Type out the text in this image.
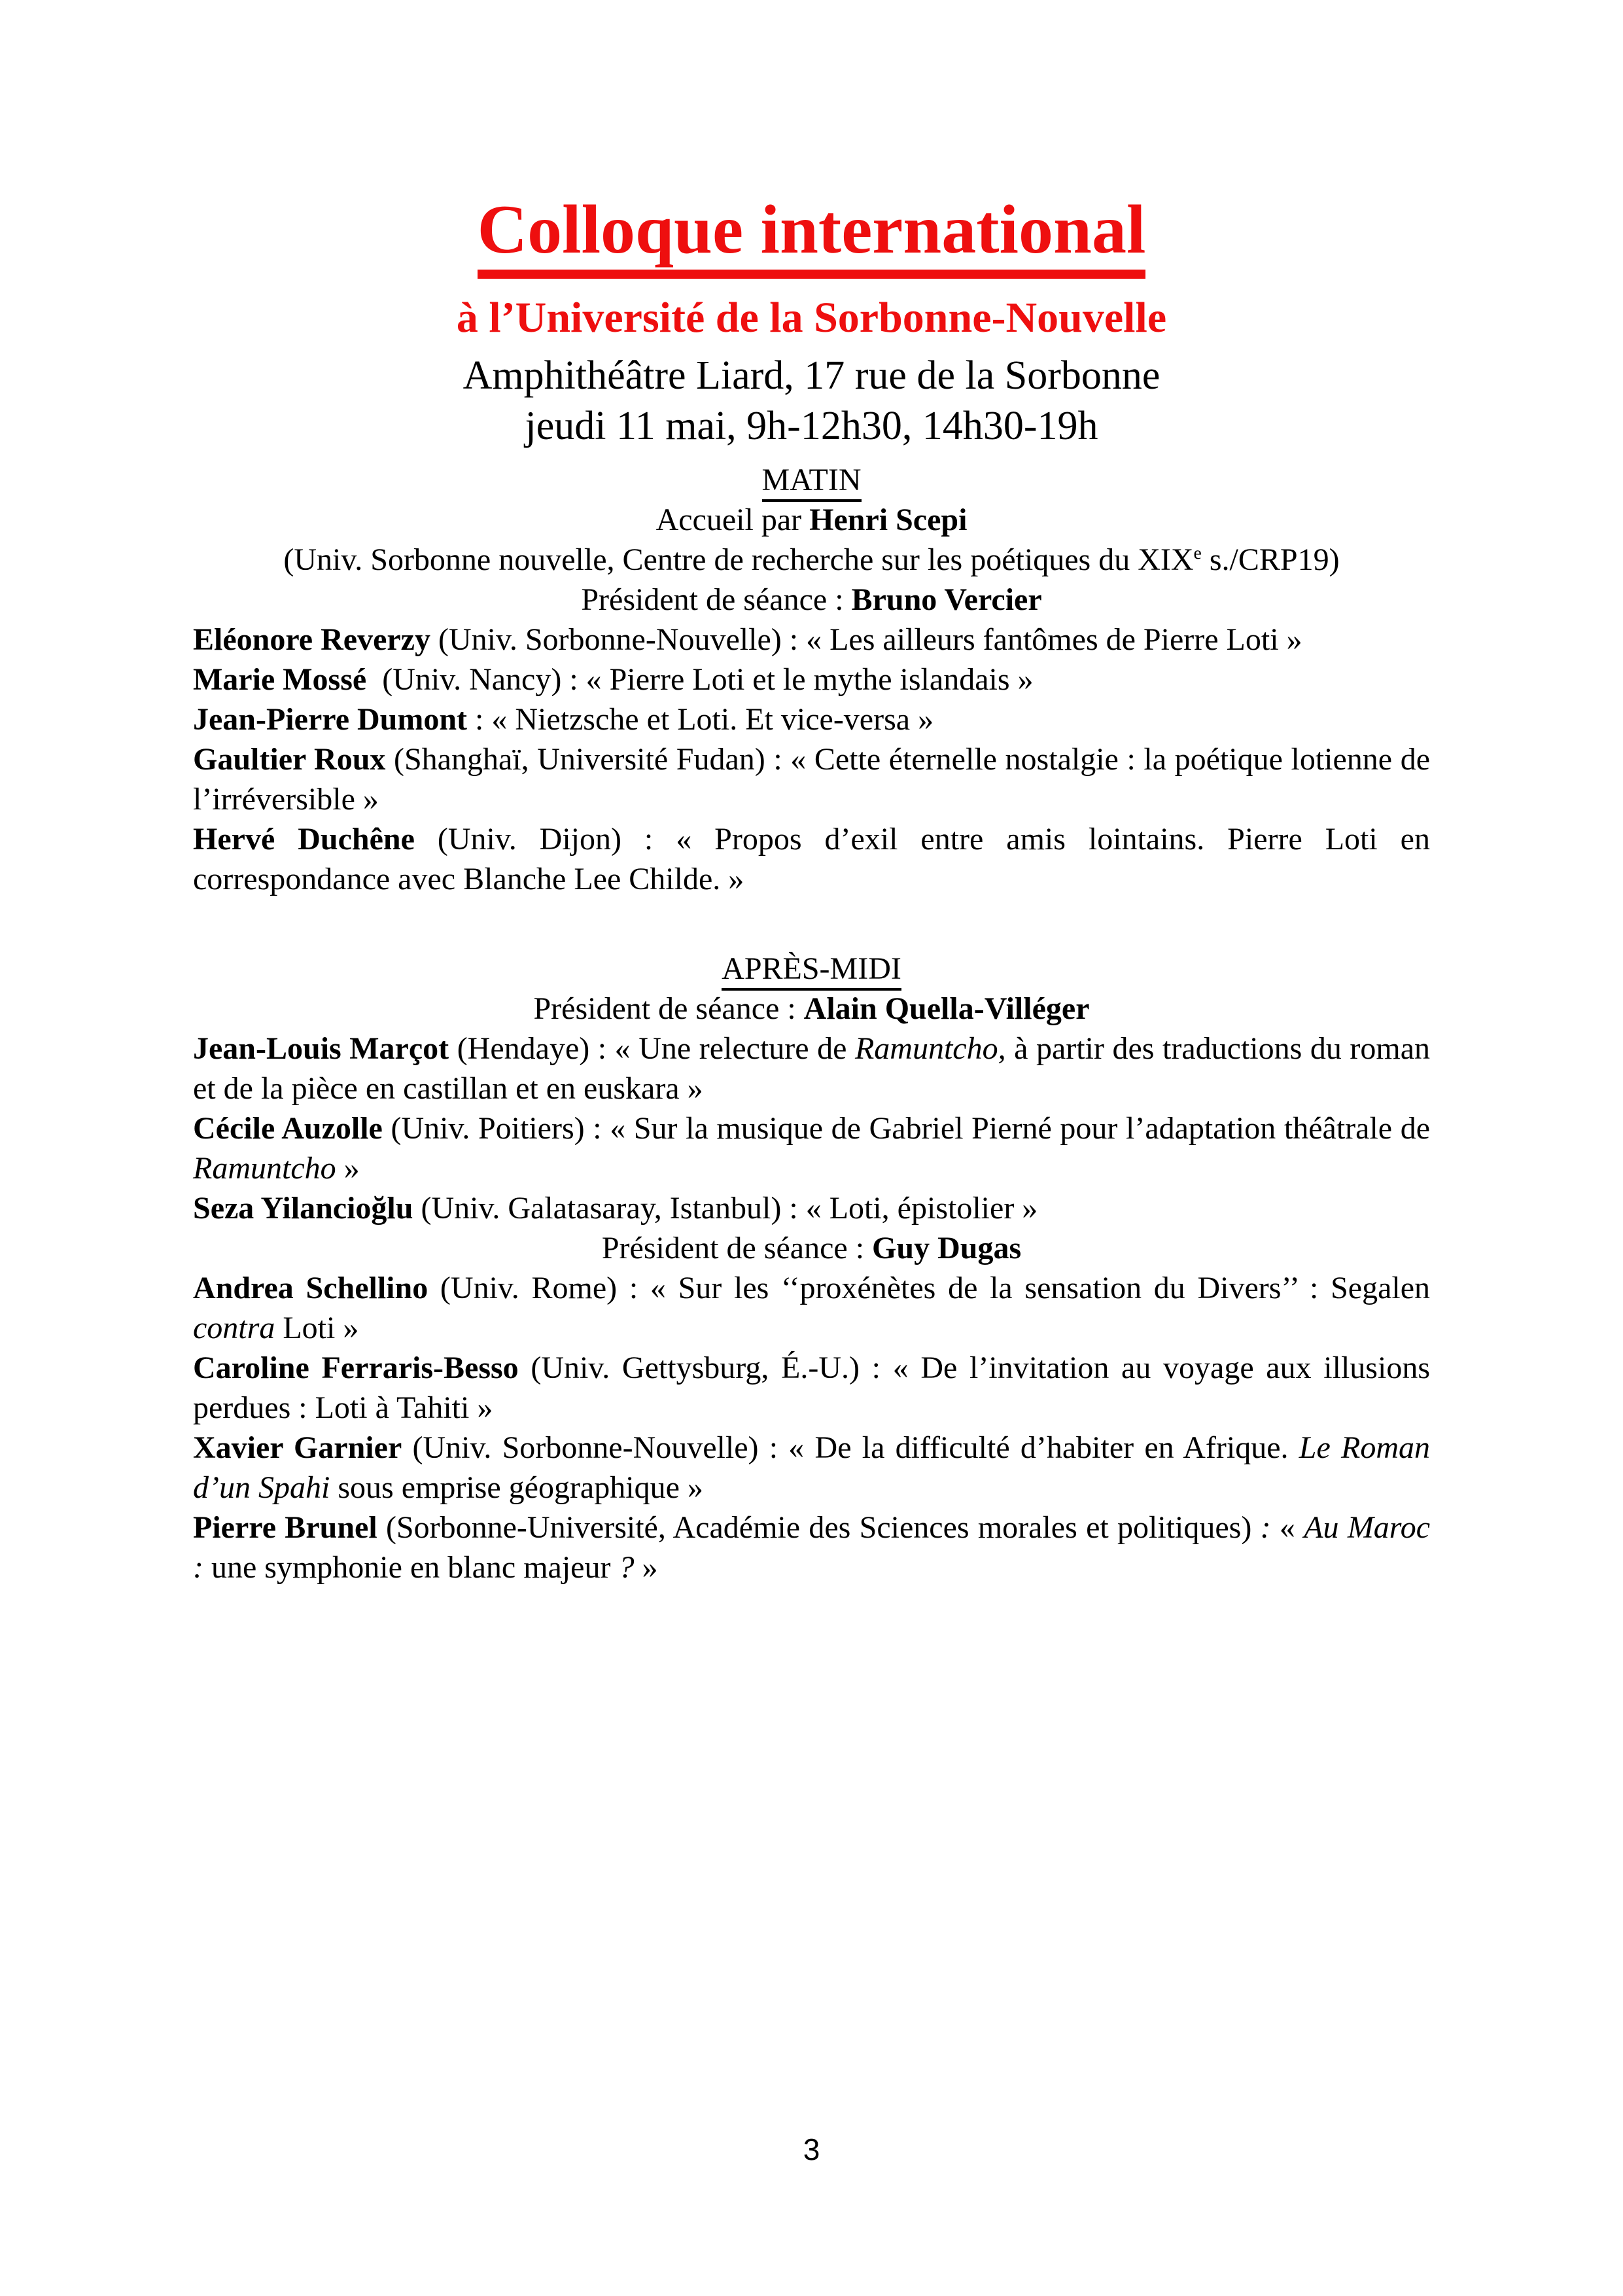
Colloque international
à l’Université de la Sorbonne-Nouvelle

Amphithéâtre Liard, 17 rue de la Sorbonne

jeudi 11 mai, 9h-12h30, 14h30-19h

MATIN

Accueil par Henri Scepi

(Univ. Sorbonne nouvelle, Centre de recherche sur les poétiques du XIXe s./CRP19)

Président de séance : Bruno Vercier

Eléonore Reverzy (Univ. Sorbonne-Nouvelle) : « Les ailleurs fantômes de Pierre Loti »

Marie Mossé  (Univ. Nancy) : « Pierre Loti et le mythe islandais »

Jean-Pierre Dumont : « Nietzsche et Loti. Et vice-versa »

Gaultier Roux (Shanghaï, Université Fudan) : « Cette éternelle nostalgie : la poétique lotienne de l’irréversible »

Hervé Duchêne (Univ. Dijon) : « Propos d’exil entre amis lointains. Pierre Loti en correspondance avec Blanche Lee Childe. »

APRÈS-MIDI

Président de séance : Alain Quella-Villéger

Jean-Louis Marçot (Hendaye) : « Une relecture de Ramuntcho, à partir des traductions du roman et de la pièce en castillan et en euskara »

Cécile Auzolle (Univ. Poitiers) : « Sur la musique de Gabriel Pierné pour l’adaptation théâtrale de Ramuntcho »

Seza Yilancioğlu (Univ. Galatasaray, Istanbul) : « Loti, épistolier »

Président de séance : Guy Dugas

Andrea Schellino (Univ. Rome) : « Sur les ‘‘proxénètes de la sensation du Divers’’ : Segalen contra Loti »

Caroline Ferraris-Besso (Univ. Gettysburg, É.-U.) : « De l’invitation au voyage aux illusions perdues : Loti à Tahiti »

Xavier Garnier (Univ. Sorbonne-Nouvelle) : « De la difficulté d’habiter en Afrique. Le Roman d’un Spahi sous emprise géographique »

Pierre Brunel (Sorbonne-Université, Académie des Sciences morales et politiques) : « Au Maroc : une symphonie en blanc majeur ? »

3
